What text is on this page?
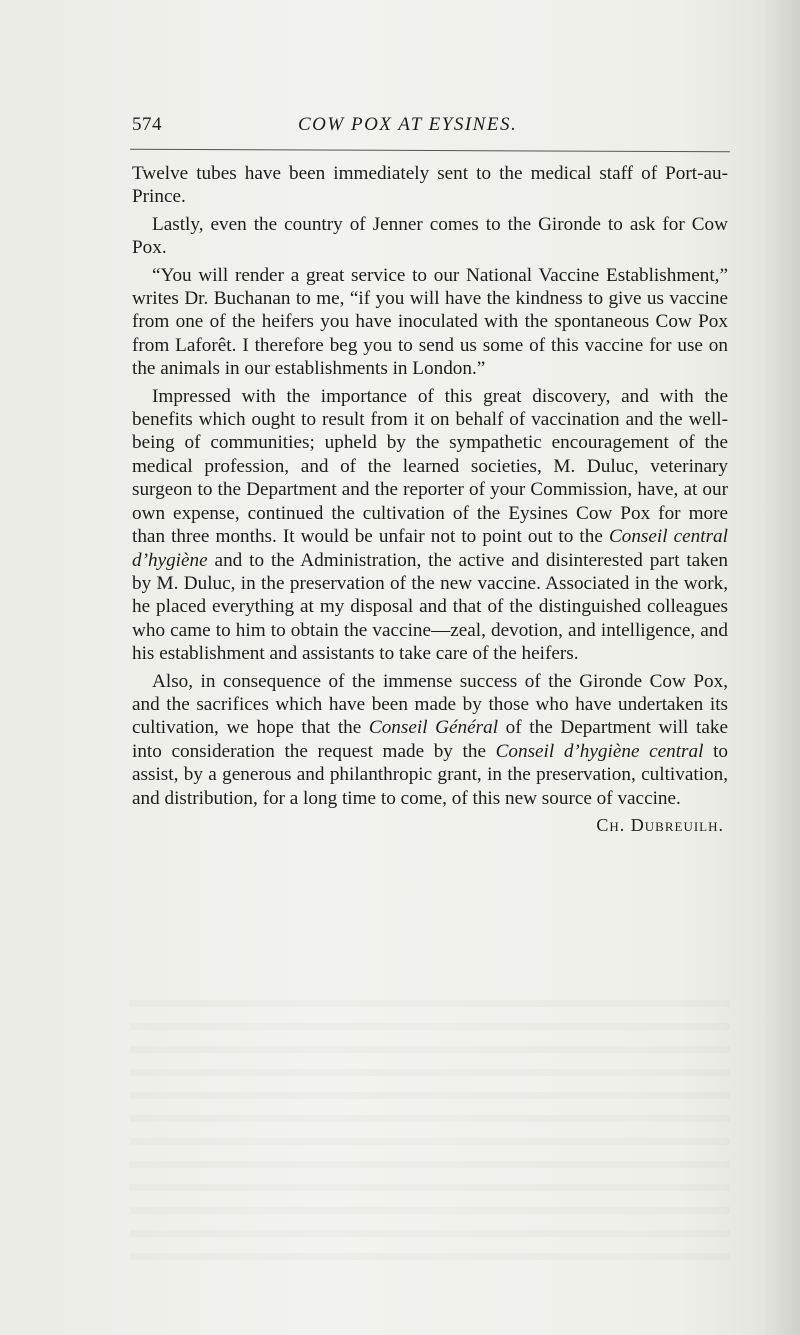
574	COW POX AT EYSINES.

Twelve tubes have been immediately sent to the medical staff of Port-au-Prince.

Lastly, even the country of Jenner comes to the Gironde to ask for Cow Pox.

“You will render a great service to our National Vaccine Establishment,” writes Dr. Buchanan to me, “if you will have the kindness to give us vaccine from one of the heifers you have inoculated with the spontaneous Cow Pox from Laforêt. I therefore beg you to send us some of this vaccine for use on the animals in our establishments in London.”

Impressed with the importance of this great discovery, and with the benefits which ought to result from it on behalf of vaccination and the well-being of communities; upheld by the sympathetic encouragement of the medical profession, and of the learned societies, M. Duluc, veterinary surgeon to the Department and the reporter of your Commission, have, at our own expense, continued the cultivation of the Eysines Cow Pox for more than three months. It would be unfair not to point out to the Conseil central d’hygiène and to the Administration, the active and disinterested part taken by M. Duluc, in the preservation of the new vaccine. Associated in the work, he placed everything at my disposal and that of the distinguished colleagues who came to him to obtain the vaccine—zeal, devotion, and intelligence, and his establishment and assistants to take care of the heifers.

Also, in consequence of the immense success of the Gironde Cow Pox, and the sacrifices which have been made by those who have undertaken its cultivation, we hope that the Conseil Général of the Department will take into consideration the request made by the Conseil d’hygiène central to assist, by a generous and philanthropic grant, in the preservation, cultivation, and distribution, for a long time to come, of this new source of vaccine.

Ch. Dubreuilh.
